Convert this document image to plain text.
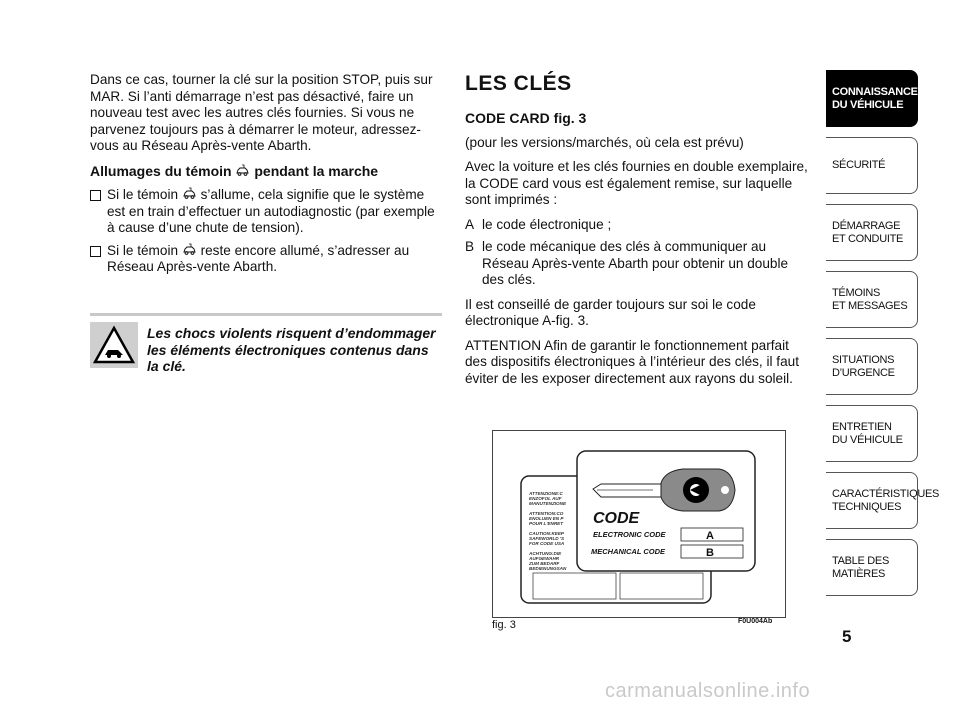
Dans ce cas, tourner la clé sur la position STOP, puis sur MAR. Si l’anti démarrage n’est pas désactivé, faire un nouveau test avec les autres clés fournies. Si vous ne parvenez toujours pas à démarrer le moteur, adressez-vous au Réseau Après-vente Abarth.

Allumages du témoin pendant la marche

Si le témoin s’allume, cela signifie que le système est en train d’effectuer un autodiagnostic (par exemple à cause d’une chute de tension).
Si le témoin reste encore allumé, s’adresser au Réseau Après-vente Abarth.
Les chocs violents risquent d’endommager les éléments électroniques contenus dans la clé.
LES CLÉS

CODE CARD fig. 3

(pour les versions/marchés, où cela est prévu)

Avec la voiture et les clés fournies en double exemplaire, la CODE card vous est également remise, sur laquelle sont imprimés :

A le code électronique ;
B le code mécanique des clés à communiquer au Réseau Après-vente Abarth pour obtenir un double des clés.

Il est conseillé de garder toujours sur soi le code électronique A-fig. 3.

ATTENTION Afin de garantir le fonctionnement parfait des dispositifs électroniques à l’intérieur des clés, il faut éviter de les exposer directement aux rayons du soleil.

ATTENZIONE:C
ENZOFOL AUF
MANUTENZIONE
ATTENTION:CO
ENOLUEN EN P
POUR L'ENRET
CAUTION:KEEP
SAFEWORLD 'S
FOR CODE USA
ACHTUNG:DIE
AUFGEWAHR
ZUM BEDARF
BEDIENUNGSAN
CODE
ELECTRONIC CODE	A
MECHANICAL CODE	B
fig. 3	F0U004Ab
CONNAISSANCE
DU VÉHICULE
SÉCURITÉ
DÉMARRAGE
ET CONDUITE
TÉMOINS
ET MESSAGES
SITUATIONS
D’URGENCE
ENTRETIEN
DU VÉHICULE
CARACTÉRISTIQUES
TECHNIQUES
TABLE DES
MATIÈRES
5
carmanualsonline.info
